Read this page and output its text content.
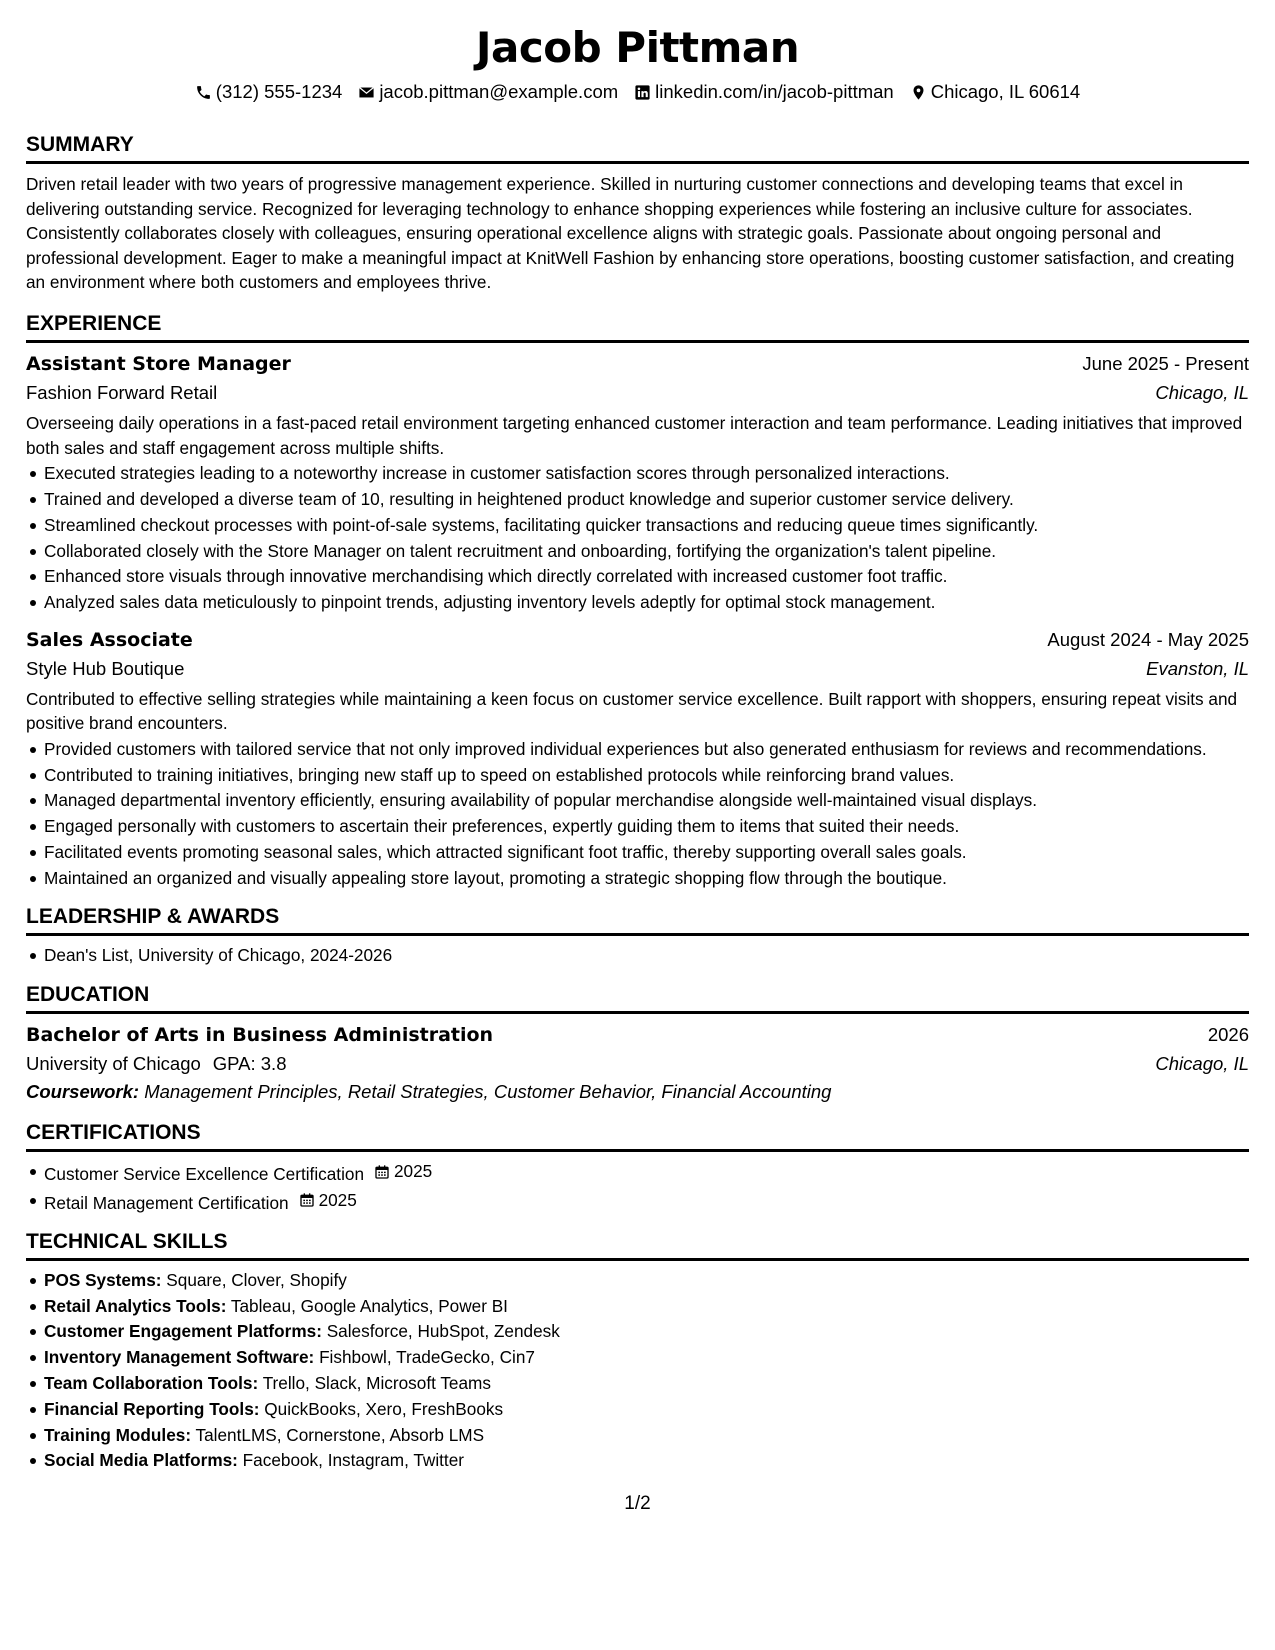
Jacob Pittman
(312) 555-1234 jacob.pittman@example.com linkedin.com/in/jacob-pittman Chicago, IL 60614
SUMMARY

Driven retail leader with two years of progressive management experience. Skilled in nurturing customer connections and developing teams that excel in delivering outstanding service. Recognized for leveraging technology to enhance shopping experiences while fostering an inclusive culture for associates. Consistently collaborates closely with colleagues, ensuring operational excellence aligns with strategic goals. Passionate about ongoing personal and professional development. Eager to make a meaningful impact at KnitWell Fashion by enhancing store operations, boosting customer satisfaction, and creating an environment where both customers and employees thrive.

EXPERIENCE
Assistant Store Manager	June 2025 - Present
Fashion Forward Retail	Chicago, IL

Overseeing daily operations in a fast-paced retail environment targeting enhanced customer interaction and team performance. Leading initiatives that improved both sales and staff engagement across multiple shifts.

Executed strategies leading to a noteworthy increase in customer satisfaction scores through personalized interactions.
Trained and developed a diverse team of 10, resulting in heightened product knowledge and superior customer service delivery.
Streamlined checkout processes with point-of-sale systems, facilitating quicker transactions and reducing queue times significantly.
Collaborated closely with the Store Manager on talent recruitment and onboarding, fortifying the organization's talent pipeline.
Enhanced store visuals through innovative merchandising which directly correlated with increased customer foot traffic.
Analyzed sales data meticulously to pinpoint trends, adjusting inventory levels adeptly for optimal stock management.
Sales Associate	August 2024 - May 2025
Style Hub Boutique	Evanston, IL

Contributed to effective selling strategies while maintaining a keen focus on customer service excellence. Built rapport with shoppers, ensuring repeat visits and positive brand encounters.

Provided customers with tailored service that not only improved individual experiences but also generated enthusiasm for reviews and recommendations.
Contributed to training initiatives, bringing new staff up to speed on established protocols while reinforcing brand values.
Managed departmental inventory efficiently, ensuring availability of popular merchandise alongside well-maintained visual displays.
Engaged personally with customers to ascertain their preferences, expertly guiding them to items that suited their needs.
Facilitated events promoting seasonal sales, which attracted significant foot traffic, thereby supporting overall sales goals.
Maintained an organized and visually appealing store layout, promoting a strategic shopping flow through the boutique.
LEADERSHIP & AWARDS
Dean's List, University of Chicago, 2024-2026
EDUCATION
Bachelor of Arts in Business Administration	2026
University of Chicago GPA: 3.8	Chicago, IL
Coursework: Management Principles, Retail Strategies, Customer Behavior, Financial Accounting
CERTIFICATIONS
Customer Service Excellence Certification 2025
Retail Management Certification 2025
TECHNICAL SKILLS
POS Systems: Square, Clover, Shopify
Retail Analytics Tools: Tableau, Google Analytics, Power BI
Customer Engagement Platforms: Salesforce, HubSpot, Zendesk
Inventory Management Software: Fishbowl, TradeGecko, Cin7
Team Collaboration Tools: Trello, Slack, Microsoft Teams
Financial Reporting Tools: QuickBooks, Xero, FreshBooks
Training Modules: TalentLMS, Cornerstone, Absorb LMS
Social Media Platforms: Facebook, Instagram, Twitter
1/2
